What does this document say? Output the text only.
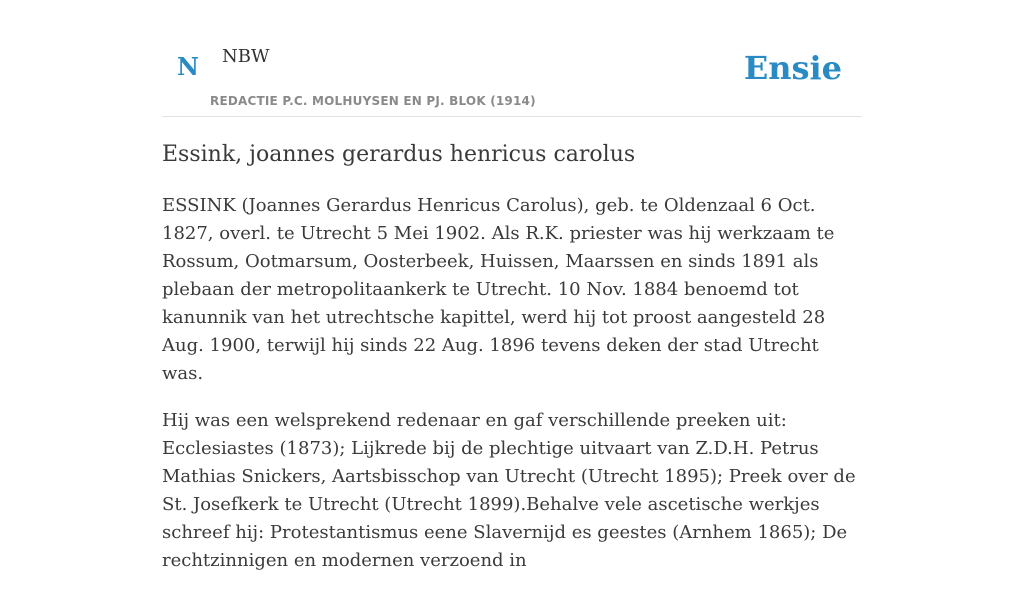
N NBW
REDACTIE P.C. MOLHUYSEN EN PJ. BLOK (1914)
Ensie
Essink, joannes gerardus henricus carolus

ESSINK (Joannes Gerardus Henricus Carolus), geb. te Oldenzaal 6 Oct. 1827, overl. te Utrecht 5 Mei 1902. Als R.K. priester was hij werkzaam te Rossum, Ootmarsum, Oosterbeek, Huissen, Maarssen en sinds 1891 als plebaan der metropolitaankerk te Utrecht. 10 Nov. 1884 benoemd tot kanunnik van het utrechtsche kapittel, werd hij tot proost aangesteld 28 Aug. 1900, terwijl hij sinds 22 Aug. 1896 tevens deken der stad Utrecht was.

Hij was een welsprekend redenaar en gaf verschillende preeken uit: Ecclesiastes (1873); Lijkrede bij de plechtige uitvaart van Z.D.H. Petrus Mathias Snickers, Aartsbisschop van Utrecht (Utrecht 1895); Preek over de St. Josefkerk te Utrecht (Utrecht 1899).Behalve vele ascetische werkjes schreef hij: Protestantismus eene Slavernijd es geestes (Arnhem 1865); De rechtzinnigen en modernen verzoend in
